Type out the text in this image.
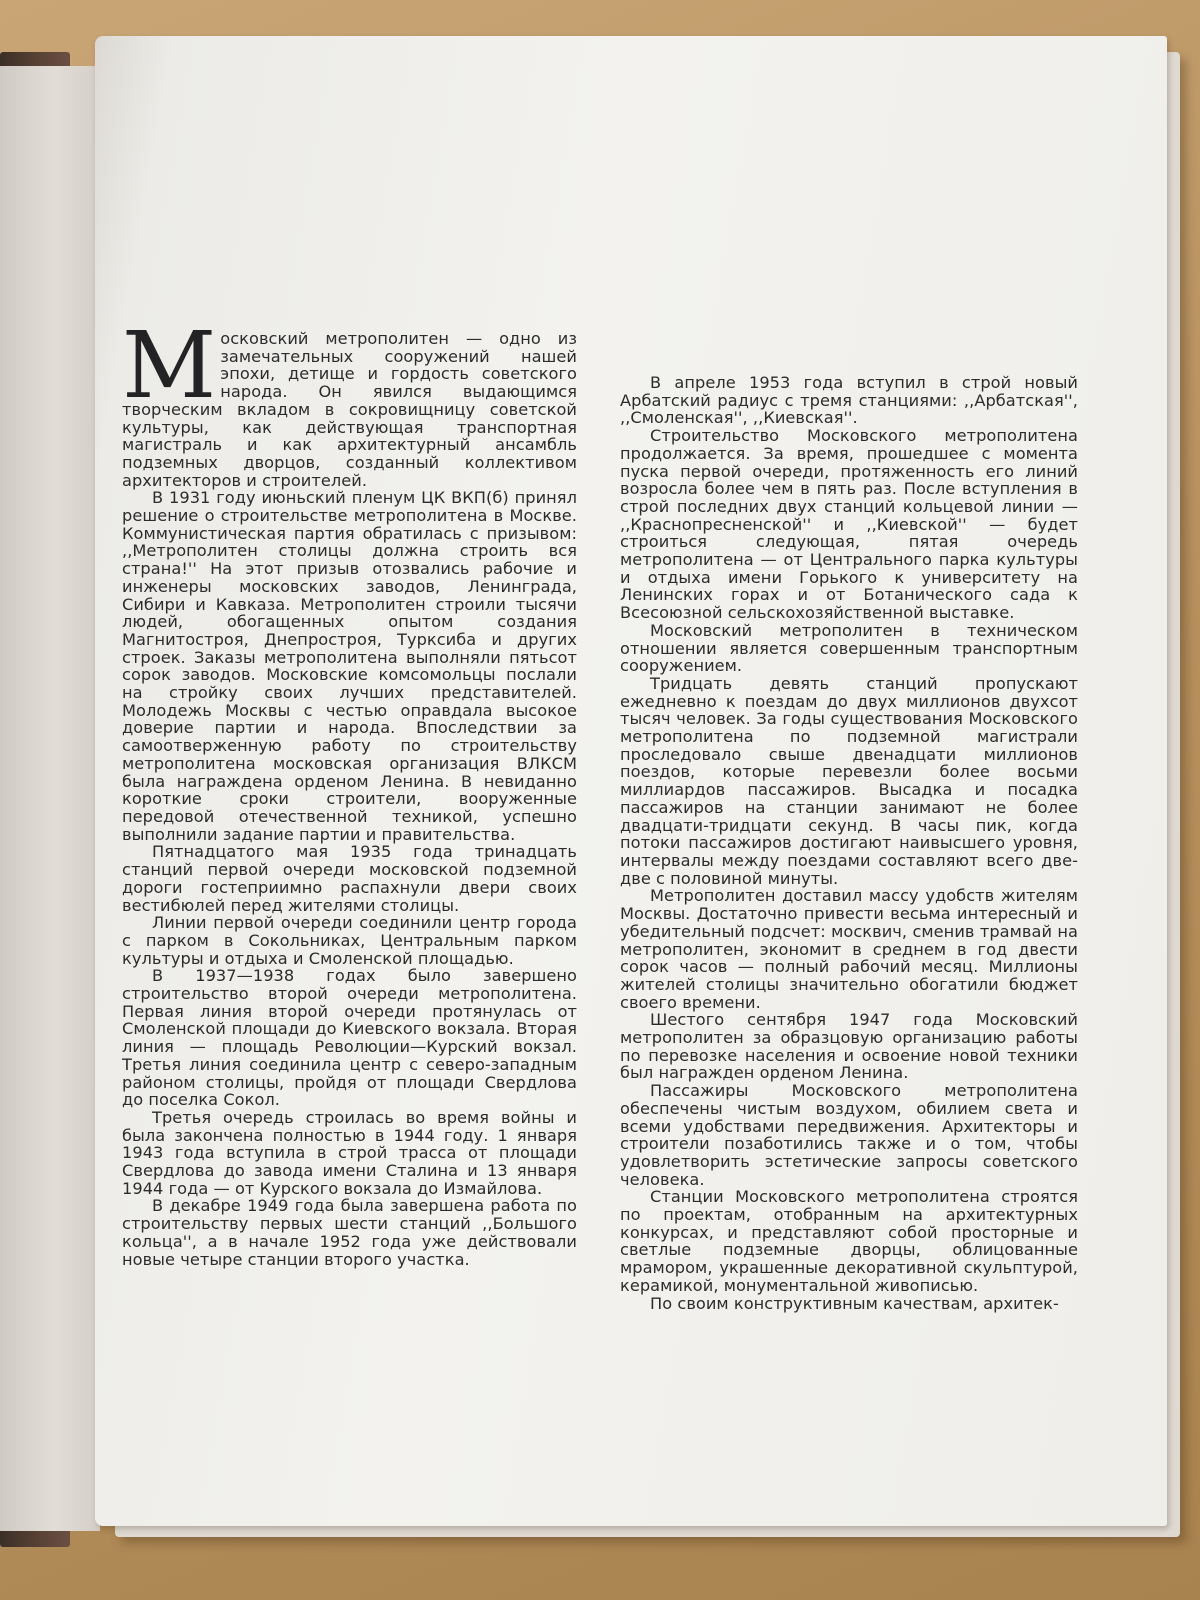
Московский метрополитен — одно из замечательных сооружений нашей эпохи, детище и гордость советского народа. Он явился выдающимся творческим вкладом в сокровищницу советской культуры, как действующая транспортная магистраль и как архитектурный ансамбль подземных дворцов, созданный коллективом архитекторов и строителей.

В 1931 году июньский пленум ЦК ВКП(б) принял решение о строительстве метрополитена в Москве. Коммунистическая партия обратилась с призывом: ,,Метрополитен столицы должна строить вся страна!'' На этот призыв отозвались рабочие и инженеры московских заводов, Ленинграда, Сибири и Кавказа. Метрополитен строили тысячи людей, обогащенных опытом создания Магнитостроя, Днепростроя, Турксиба и других строек. Заказы метрополитена выполняли пятьсот сорок заводов. Московские комсомольцы послали на стройку своих лучших представителей. Молодежь Москвы с честью оправдала высокое доверие партии и народа. Впоследствии за самоотверженную работу по строительству метрополитена московская организация ВЛКСМ была награждена орденом Ленина. В невиданно короткие сроки строители, вооруженные передовой отечественной техникой, успешно выполнили задание партии и правительства.

Пятнадцатого мая 1935 года тринадцать станций первой очереди московской подземной дороги гостеприимно распахнули двери своих вестибюлей перед жителями столицы.

Линии первой очереди соединили центр города с парком в Сокольниках, Центральным парком культуры и отдыха и Смоленской площадью.

В 1937—1938 годах было завершено строительство второй очереди метрополитена. Первая линия второй очереди протянулась от Смоленской площади до Киевского вокзала. Вторая линия — площадь Революции—Курский вокзал. Третья линия соединила центр с северо-западным районом столицы, пройдя от площади Свердлова до поселка Сокол.

Третья очередь строилась во время войны и была закончена полностью в 1944 году. 1 января 1943 года вступила в строй трасса от площади Свердлова до завода имени Сталина и 13 января 1944 года — от Курского вокзала до Измайлова.

В декабре 1949 года была завершена работа по строительству первых шести станций ,,Большого кольца'', а в начале 1952 года уже действовали новые четыре станции второго участка.

В апреле 1953 года вступил в строй новый Арбатский радиус с тремя станциями: ,,Арбатская'', ,,Смоленская'', ,,Киевская''.

Строительство Московского метрополитена продолжается. За время, прошедшее с момента пуска первой очереди, протяженность его линий возросла более чем в пять раз. После вступления в строй последних двух станций кольцевой линии — ,,Краснопресненской'' и ,,Киевской'' — будет строиться следующая, пятая очередь метрополитена — от Центрального парка культуры и отдыха имени Горького к университету на Ленинских горах и от Ботанического сада к Всесоюзной сельскохозяйственной выставке.

Московский метрополитен в техническом отношении является совершенным транспортным сооружением.

Тридцать девять станций пропускают ежедневно к поездам до двух миллионов двухсот тысяч человек. За годы существования Московского метрополитена по подземной магистрали проследовало свыше двенадцати миллионов поездов, которые перевезли более восьми миллиардов пассажиров. Высадка и посадка пассажиров на станции занимают не более двадцати-тридцати секунд. В часы пик, когда потоки пассажиров достигают наивысшего уровня, интервалы между поездами составляют всего две-две с половиной минуты.

Метрополитен доставил массу удобств жителям Москвы. Достаточно привести весьма интересный и убедительный подсчет: москвич, сменив трамвай на метрополитен, экономит в среднем в год двести сорок часов — полный рабочий месяц. Миллионы жителей столицы значительно обогатили бюджет своего времени.

Шестого сентября 1947 года Московский метрополитен за образцовую организацию работы по перевозке населения и освоение новой техники был награжден орденом Ленина.

Пассажиры Московского метрополитена обеспечены чистым воздухом, обилием света и всеми удобствами передвижения. Архитекторы и строители позаботились также и о том, чтобы удовлетворить эстетические запросы советского человека.

Станции Московского метрополитена строятся по проектам, отобранным на архитектурных конкурсах, и представляют собой просторные и светлые подземные дворцы, облицованные мрамором, украшенные декоративной скульптурой, керамикой, монументальной живописью.

По своим конструктивным качествам, архитек-
